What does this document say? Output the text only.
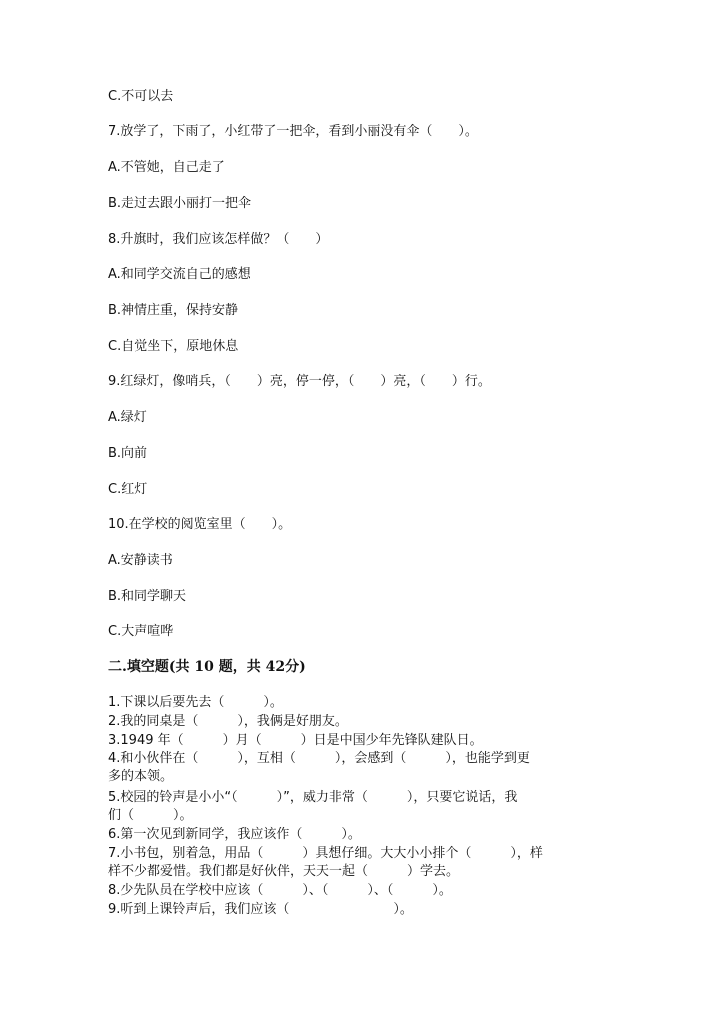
C.不可以去
7.放学了，下雨了，小红带了一把伞，看到小丽没有伞（　　）。
A.不管她，自己走了
B.走过去跟小丽打一把伞
8.升旗时，我们应该怎样做？（　　）
A.和同学交流自己的感想
B.神情庄重，保持安静
C.自觉坐下，原地休息
9.红绿灯，像哨兵，（　　）亮，停一停，（　　）亮，（　　）行。
A.绿灯
B.向前
C.红灯
10.在学校的阅览室里（　　）。
A.安静读书
B.和同学聊天
C.大声喧哗
二.填空题(共 10 题，共 42分)
1.下课以后要先去（　　　）。
2.我的同桌是（　　　），我俩是好朋友。
3.1949 年（　　　）月（　　　）日是中国少年先锋队建队日。
4.和小伙伴在（　　　），互相（　　　），会感到（　　　），也能学到更
多的本领。
5.校园的铃声是小小“（　　　）”，威力非常（　　　），只要它说话，我
们（　　　）。
6.第一次见到新同学，我应该作（　　　）。
7.小书包，别着急，用品（　　　）具想仔细。大大小小排个（　　　），样
样不少都爱惜。我们都是好伙伴，天天一起（　　　）学去。
8.少先队员在学校中应该（　　　）、（　　　）、（　　　）。
9.听到上课铃声后，我们应该（　　　　　　　　）。
